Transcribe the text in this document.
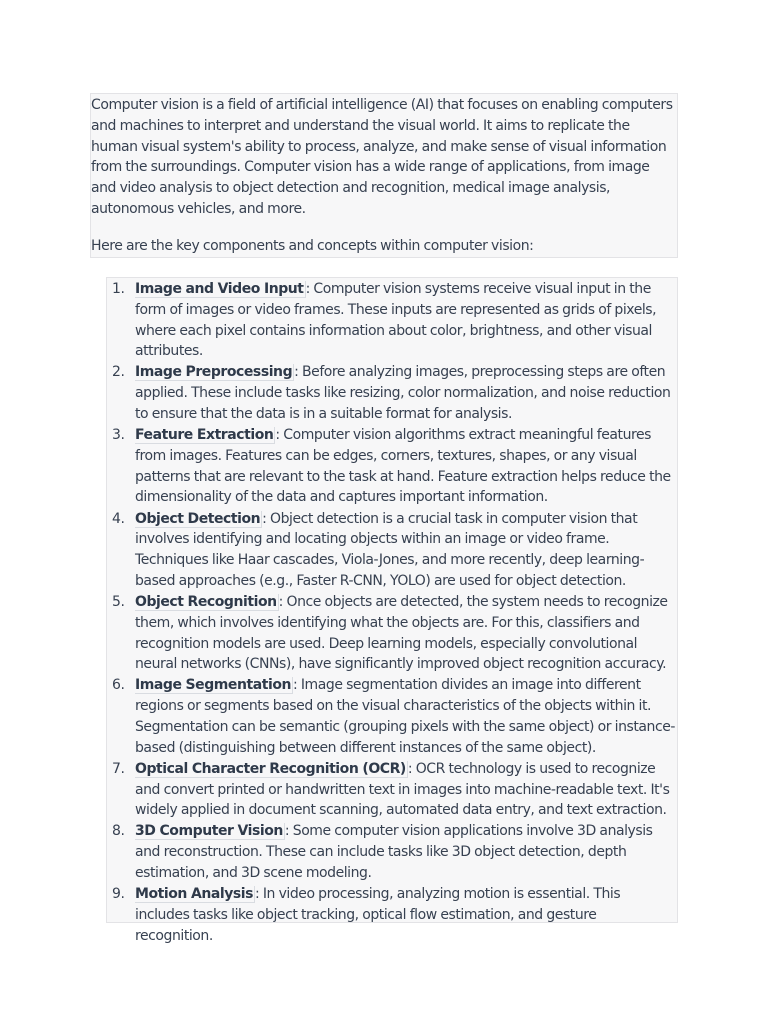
Computer vision is a field of artificial intelligence (AI) that focuses on enabling computers and machines to interpret and understand the visual world. It aims to replicate the human visual system's ability to process, analyze, and make sense of visual information from the surroundings. Computer vision has a wide range of applications, from image and video analysis to object detection and recognition, medical image analysis, autonomous vehicles, and more.

Here are the key components and concepts within computer vision:

1. Image and Video Input : Computer vision systems receive visual input in the form of images or video frames. These inputs are represented as grids of pixels, where each pixel contains information about color, brightness, and other visual attributes.
2. Image Preprocessing : Before analyzing images, preprocessing steps are often applied. These include tasks like resizing, color normalization, and noise reduction to ensure that the data is in a suitable format for analysis.
3. Feature Extraction : Computer vision algorithms extract meaningful features from images. Features can be edges, corners, textures, shapes, or any visual patterns that are relevant to the task at hand. Feature extraction helps reduce the dimensionality of the data and captures important information.
4. Object Detection : Object detection is a crucial task in computer vision that involves identifying and locating objects within an image or video frame. Techniques like Haar cascades, Viola-Jones, and more recently, deep learning-based approaches (e.g., Faster R-CNN, YOLO) are used for object detection.
5. Object Recognition : Once objects are detected, the system needs to recognize them, which involves identifying what the objects are. For this, classifiers and recognition models are used. Deep learning models, especially convolutional neural networks (CNNs), have significantly improved object recognition accuracy.
6. Image Segmentation : Image segmentation divides an image into different regions or segments based on the visual characteristics of the objects within it. Segmentation can be semantic (grouping pixels with the same object) or instance-based (distinguishing between different instances of the same object).
7. Optical Character Recognition (OCR) : OCR technology is used to recognize and convert printed or handwritten text in images into machine-readable text. It's widely applied in document scanning, automated data entry, and text extraction.
8. 3D Computer Vision : Some computer vision applications involve 3D analysis and reconstruction. These can include tasks like 3D object detection, depth estimation, and 3D scene modeling.
9. Motion Analysis : In video processing, analyzing motion is essential. This includes tasks like object tracking, optical flow estimation, and gesture recognition.
